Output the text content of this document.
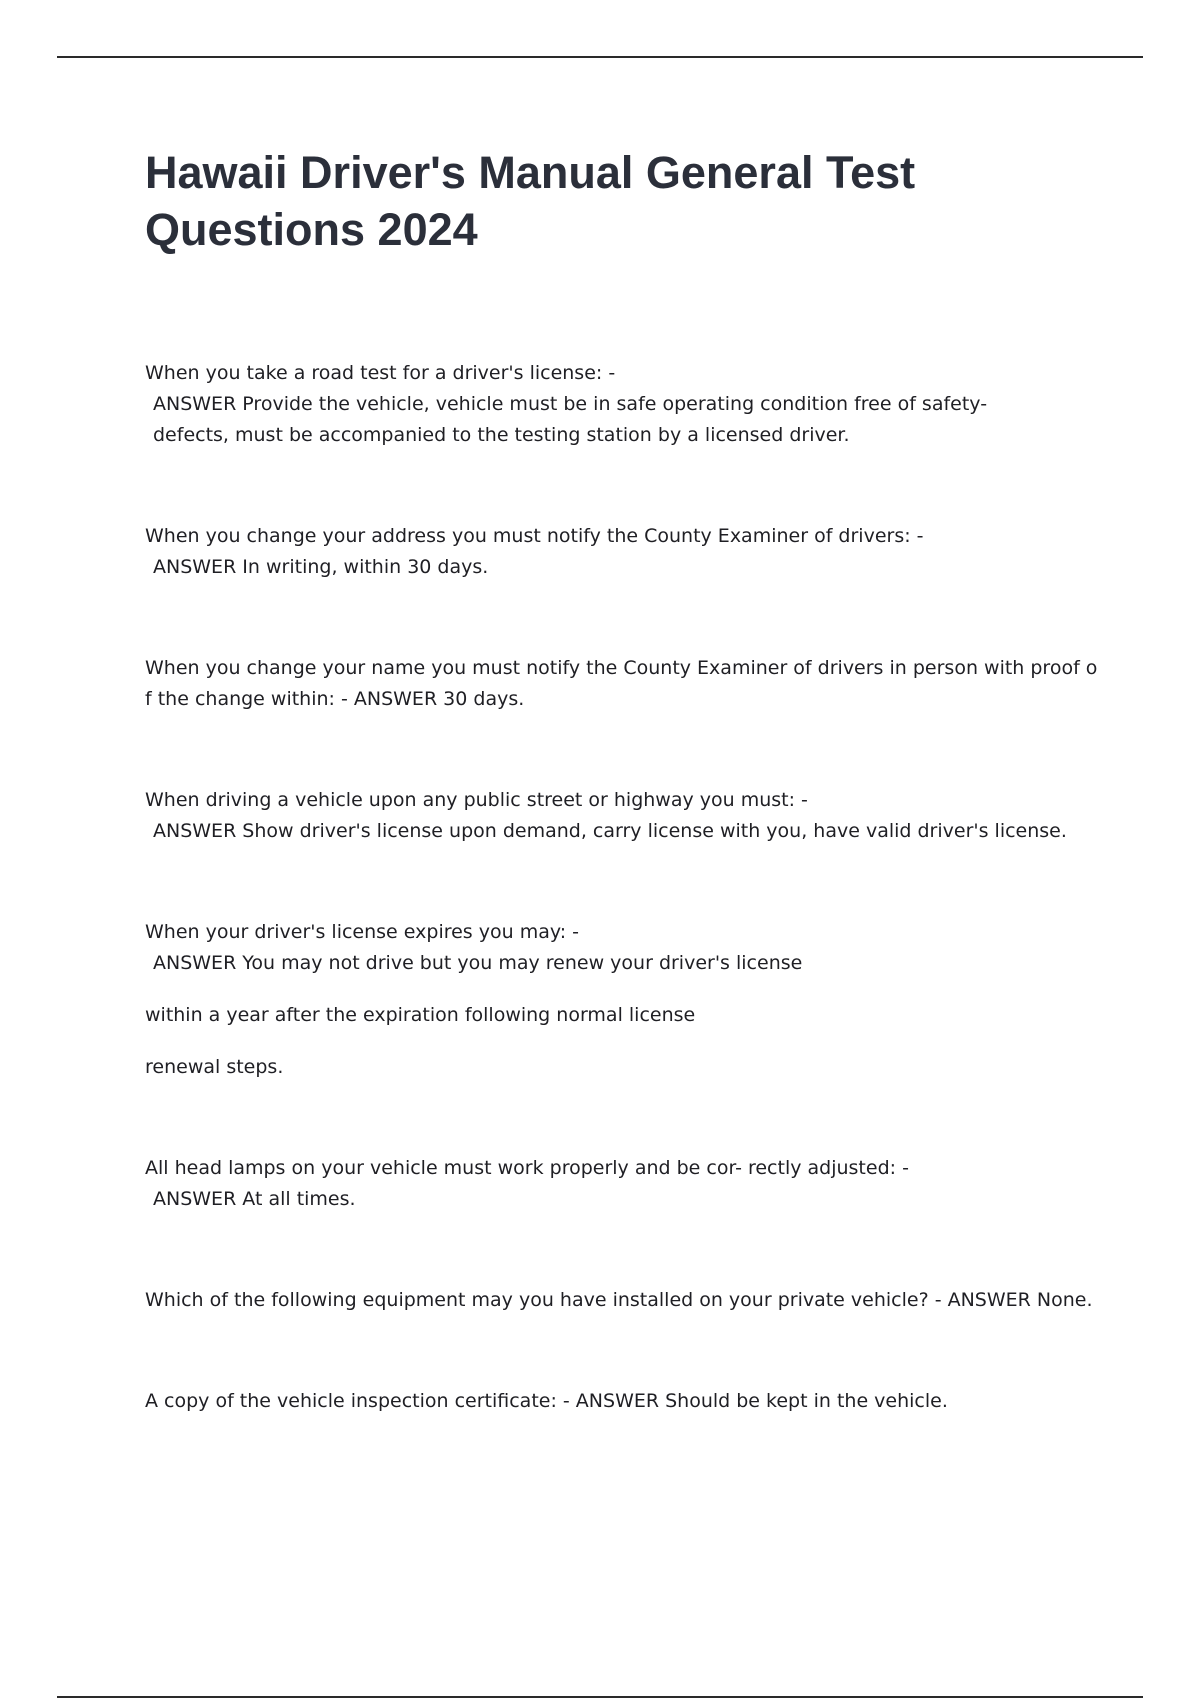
Hawaii Driver's Manual General Test Questions 2024
When you take a road test for a driver's license: -
ANSWER Provide the vehicle, vehicle must be in safe operating condition free of safety-
defects, must be accompanied to the testing station by a licensed driver.
When you change your address you must notify the County Examiner of drivers: -
ANSWER In writing, within 30 days.
When you change your name you must notify the County Examiner of drivers in person with proof o
f the change within: - ANSWER 30 days.
When driving a vehicle upon any public street or highway you must: -
ANSWER Show driver's license upon demand, carry license with you, have valid driver's license.
When your driver's license expires you may: -
ANSWER You may not drive but you may renew your driver's license
within a year after the expiration following normal license
renewal steps.
All head lamps on your vehicle must work properly and be cor- rectly adjusted: -
ANSWER At all times.
Which of the following equipment may you have installed on your private vehicle? - ANSWER None.
A copy of the vehicle inspection certificate: - ANSWER Should be kept in the vehicle.
